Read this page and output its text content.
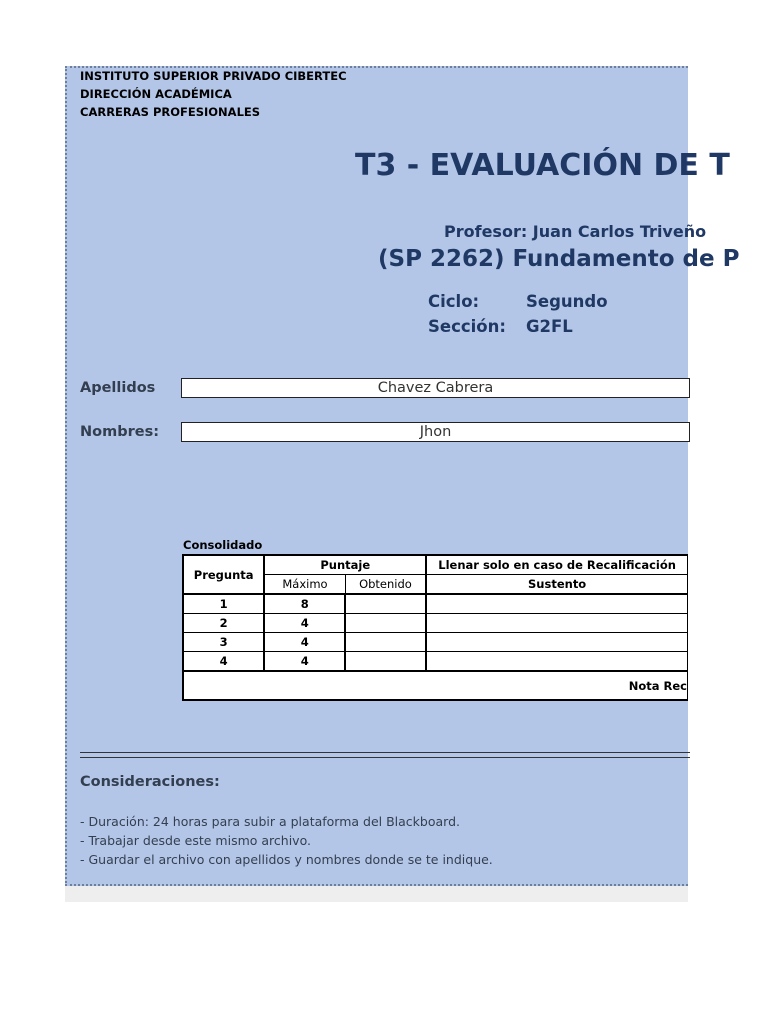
INSTITUTO SUPERIOR PRIVADO CIBERTEC
DIRECCIÓN ACADÉMICA
CARRERAS PROFESIONALES
T3 - EVALUACIÓN DE T
Profesor: Juan Carlos Triveño
(SP 2262) Fundamento de P
Ciclo:	Segundo
Sección: G2FL
Apellidos	Chavez Cabrera
Nombres:	Jhon
Consolidado
Pregunta	Puntaje		Llenar solo en caso de Recalificación
	Máximo	Obtenido	Sustento
1	8		
2	4		
3	4		
4	4		
Nota Rec			
Consideraciones:
- Duración: 24 horas para subir a plataforma del Blackboard.
- Trabajar desde este mismo archivo.
- Guardar el archivo con apellidos y nombres donde se te indique.
